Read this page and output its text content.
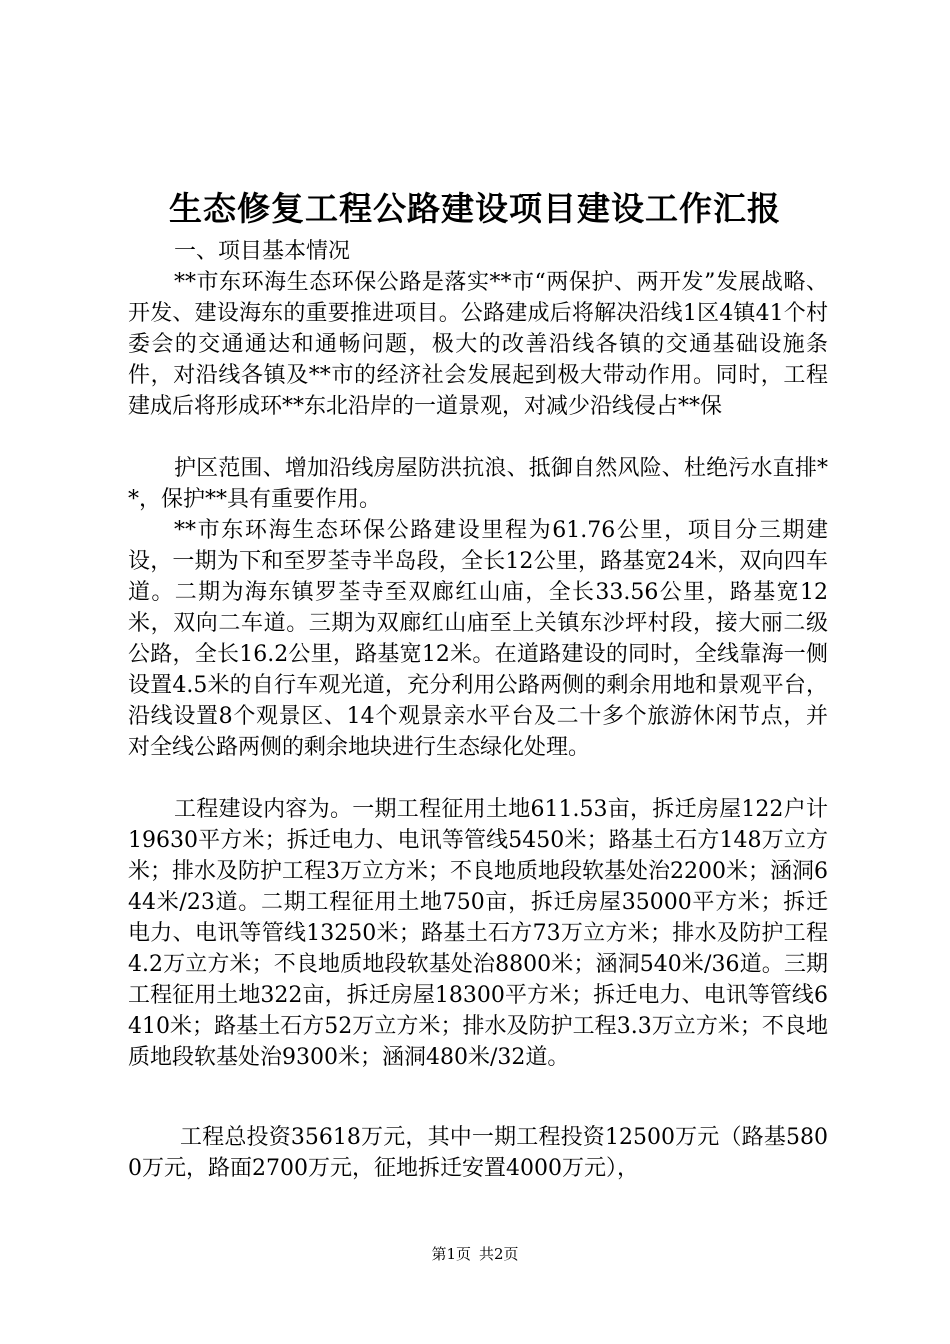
生态修复工程公路建设项目建设工作汇报

一、项目基本情况

**市东环海生态环保公路是落实**市“两保护、两开发”发展战略、开发、建设海东的重要推进项目。公路建成后将解决沿线1区4镇41个村委会的交通通达和通畅问题，极大的改善沿线各镇的交通基础设施条件，对沿线各镇及**市的经济社会发展起到极大带动作用。同时，工程建成后将形成环**东北沿岸的一道景观，对减少沿线侵占**保

护区范围、增加沿线房屋防洪抗浪、抵御自然风险、杜绝污水直排**，保护**具有重要作用。

**市东环海生态环保公路建设里程为61.76公里，项目分三期建设，一期为下和至罗荃寺半岛段，全长12公里，路基宽24米，双向四车道。二期为海东镇罗荃寺至双廊红山庙，全长33.56公里，路基宽12米，双向二车道。三期为双廊红山庙至上关镇东沙坪村段，接大丽二级公路，全长16.2公里，路基宽12米。在道路建设的同时，全线靠海一侧设置4.5米的自行车观光道，充分利用公路两侧的剩余用地和景观平台，沿线设置8个观景区、14个观景亲水平台及二十多个旅游休闲节点，并对全线公路两侧的剩余地块进行生态绿化处理。

工程建设内容为。一期工程征用土地611.53亩，拆迁房屋122户计19630平方米；拆迁电力、电讯等管线5450米；路基土石方148万立方米；排水及防护工程3万立方米；不良地质地段软基处治2200米；涵洞644米/23道。二期工程征用土地750亩，拆迁房屋35000平方米；拆迁电力、电讯等管线13250米；路基土石方73万立方米；排水及防护工程4.2万立方米；不良地质地段软基处治8800米；涵洞540米/36道。三期工程征用土地322亩，拆迁房屋18300平方米；拆迁电力、电讯等管线6410米；路基土石方52万立方米；排水及防护工程3.3万立方米；不良地质地段软基处治9300米；涵洞480米/32道。

工程总投资35618万元，其中一期工程投资12500万元（路基5800万元，路面2700万元，征地拆迁安置4000万元），

第1页 共2页
